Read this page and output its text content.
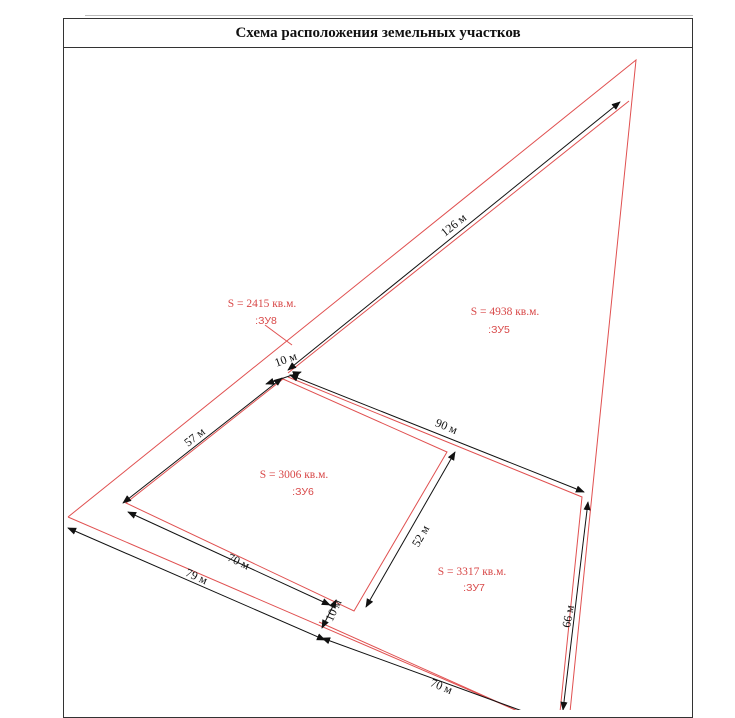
Схема расположения земельных участков
126 м
10 м
57 м	90 м
52 м
70 м
79 м
10 м	66 м
70 м
S = 2415 кв.м.
:ЗУ8
S = 4938 кв.м.
:ЗУ5
S = 3006 кв.м.
:ЗУ6
S = 3317 кв.м.
:ЗУ7
